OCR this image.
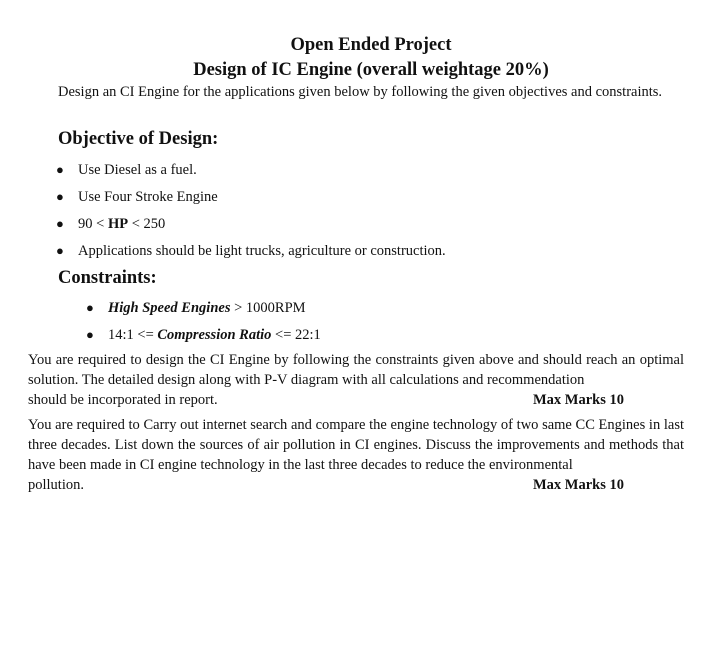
Open Ended Project
Design of IC Engine (overall weightage 20%)

Design an CI Engine for the applications given below by following the given objectives and constraints.

Objective of Design:
● Use Diesel as a fuel.
● Use Four Stroke Engine
● 90 < HP < 250
● Applications should be light trucks, agriculture or construction.
Constraints:
● High Speed Engines > 1000RPM
● 14:1 <= Compression Ratio <= 22:1
You are required to design the CI Engine by following the constraints given above and should reach an optimal solution. The detailed design along with P-V diagram with all calculations and recommendation
should be incorporated in report.	Max Marks 10
You are required to Carry out internet search and compare the engine technology of two same CC Engines in last three decades. List down the sources of air pollution in CI engines. Discuss the improvements and methods that have been made in CI engine technology in the last three decades to reduce the environmental
pollution.	Max Marks 10
